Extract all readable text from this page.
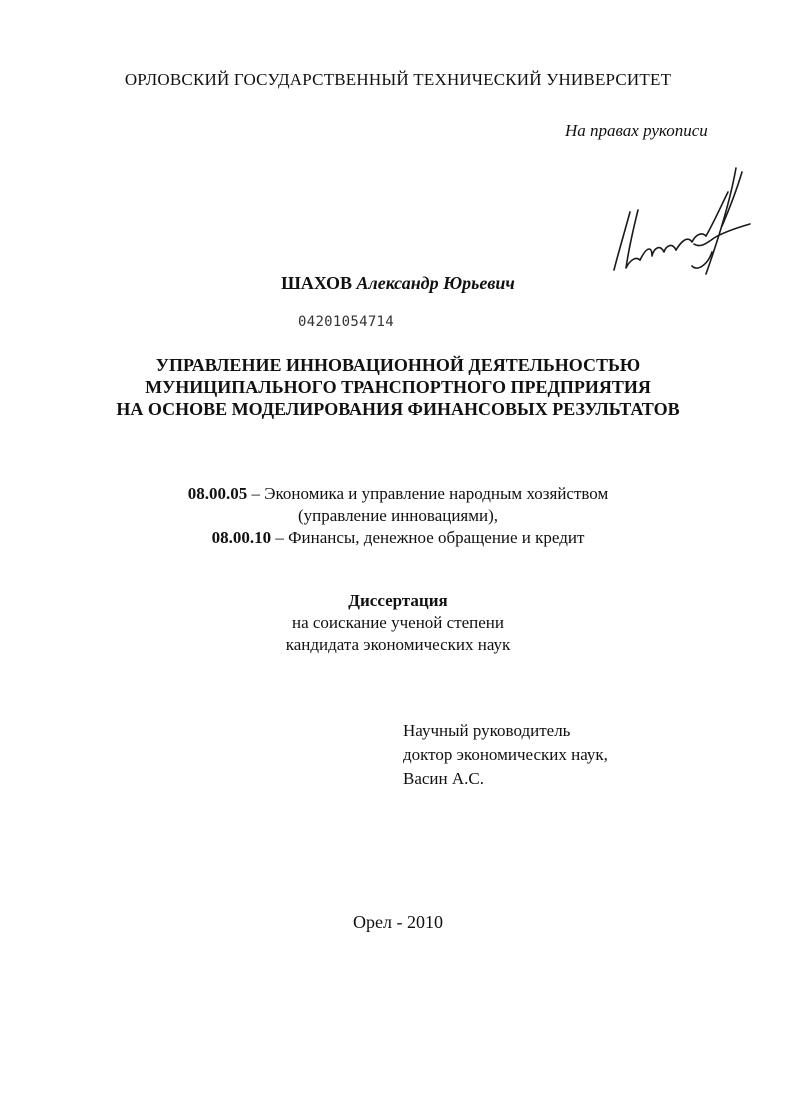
ОРЛОВСКИЙ ГОСУДАРСТВЕННЫЙ ТЕХНИЧЕСКИЙ УНИВЕРСИТЕТ
На правах рукописи
ШАХОВ Александр Юрьевич
04201054714
УПРАВЛЕНИЕ ИННОВАЦИОННОЙ ДЕЯТЕЛЬНОСТЬЮ
МУНИЦИПАЛЬНОГО ТРАНСПОРТНОГО ПРЕДПРИЯТИЯ
НА ОСНОВЕ МОДЕЛИРОВАНИЯ ФИНАНСОВЫХ РЕЗУЛЬТАТОВ
08.00.05 – Экономика и управление народным хозяйством
(управление инновациями),
08.00.10 – Финансы, денежное обращение и кредит
Диссертация
на соискание ученой степени
кандидата экономических наук
Научный руководитель
доктор экономических наук,
Васин А.С.
Орел - 2010
